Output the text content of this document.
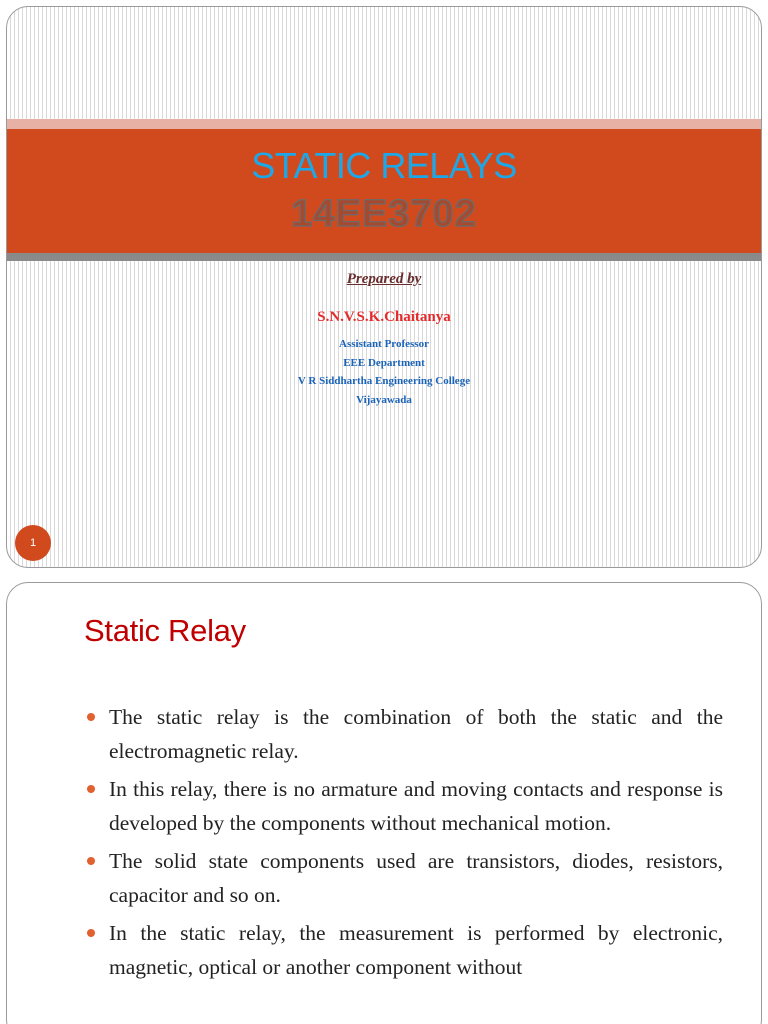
STATIC RELAYS
14EE3702
Prepared by
S.N.V.S.K.Chaitanya
Assistant Professor
EEE Department
V R Siddhartha Engineering College
Vijayawada
1
Static Relay
The static relay is the combination of both the static and the electromagnetic relay.
In this relay, there is no armature and moving contacts and response is developed by the components without mechanical motion.
The solid state components used are transistors, diodes, resistors, capacitor and so on.
In the static relay, the measurement is performed by electronic, magnetic, optical or another component without
